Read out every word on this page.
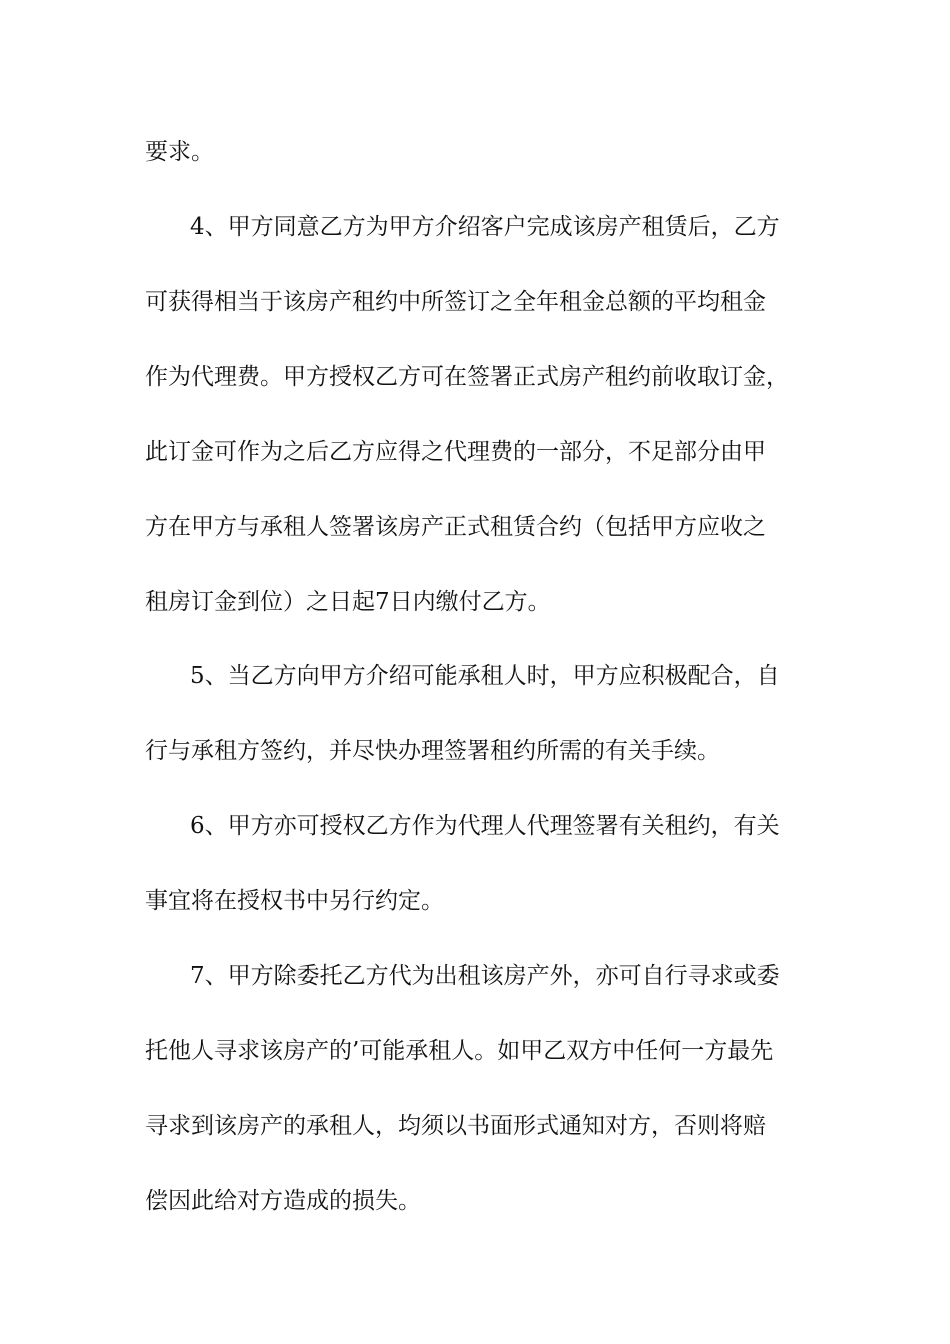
要求。
4、甲方同意乙方为甲方介绍客户完成该房产租赁后，乙方
可获得相当于该房产租约中所签订之全年租金总额的平均租金
作为代理费。甲方授权乙方可在签署正式房产租约前收取订金，
此订金可作为之后乙方应得之代理费的一部分，不足部分由甲
方在甲方与承租人签署该房产正式租赁合约（包括甲方应收之
租房订金到位）之日起7日内缴付乙方。
5、当乙方向甲方介绍可能承租人时，甲方应积极配合，自
行与承租方签约，并尽快办理签署租约所需的有关手续。
6、甲方亦可授权乙方作为代理人代理签署有关租约，有关
事宜将在授权书中另行约定。
7、甲方除委托乙方代为出租该房产外，亦可自行寻求或委
托他人寻求该房产的’可能承租人。如甲乙双方中任何一方最先
寻求到该房产的承租人，均须以书面形式通知对方，否则将赔
偿因此给对方造成的损失。
